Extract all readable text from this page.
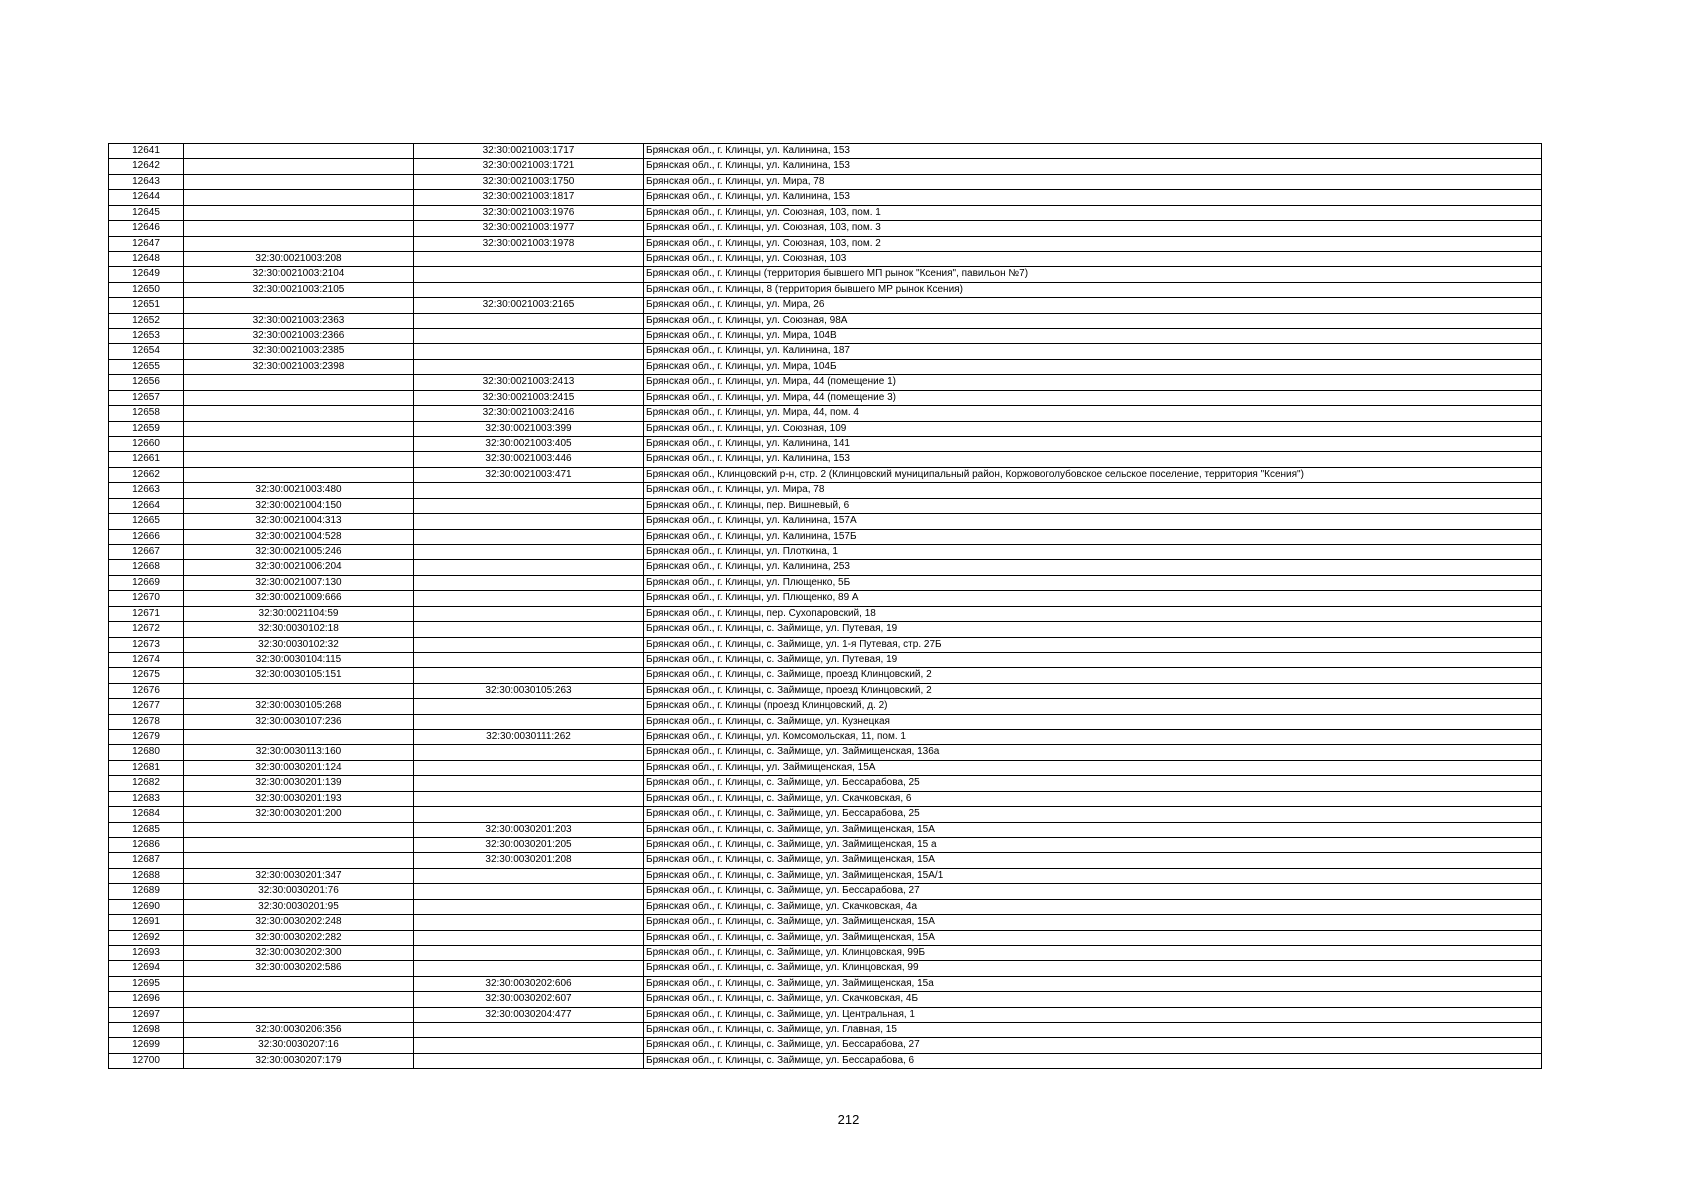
12641		32:30:0021003:1717	Брянская обл., г. Клинцы, ул. Калинина, 153
12642		32:30:0021003:1721	Брянская обл., г. Клинцы, ул. Калинина, 153
12643		32:30:0021003:1750	Брянская обл., г. Клинцы, ул. Мира, 78
12644		32:30:0021003:1817	Брянская обл., г. Клинцы, ул. Калинина, 153
12645		32:30:0021003:1976	Брянская обл., г. Клинцы, ул. Союзная, 103, пом. 1
12646		32:30:0021003:1977	Брянская обл., г. Клинцы, ул. Союзная, 103, пом. 3
12647		32:30:0021003:1978	Брянская обл., г. Клинцы, ул. Союзная, 103, пом. 2
12648	32:30:0021003:208		Брянская обл., г. Клинцы, ул. Союзная, 103
12649	32:30:0021003:2104		Брянская обл., г. Клинцы (территория бывшего МП рынок "Ксения", павильон №7)
12650	32:30:0021003:2105		Брянская обл., г. Клинцы, 8 (территория бывшего МР рынок Ксения)
12651		32:30:0021003:2165	Брянская обл., г. Клинцы, ул. Мира, 26
12652	32:30:0021003:2363		Брянская обл., г. Клинцы, ул. Союзная, 98А
12653	32:30:0021003:2366		Брянская обл., г. Клинцы, ул. Мира, 104В
12654	32:30:0021003:2385		Брянская обл., г. Клинцы, ул. Калинина, 187
12655	32:30:0021003:2398		Брянская обл., г. Клинцы, ул. Мира, 104Б
12656		32:30:0021003:2413	Брянская обл., г. Клинцы, ул. Мира, 44 (помещение 1)
12657		32:30:0021003:2415	Брянская обл., г. Клинцы, ул. Мира, 44 (помещение 3)
12658		32:30:0021003:2416	Брянская обл., г. Клинцы, ул. Мира, 44, пом. 4
12659		32:30:0021003:399	Брянская обл., г. Клинцы, ул. Союзная, 109
12660		32:30:0021003:405	Брянская обл., г. Клинцы, ул. Калинина, 141
12661		32:30:0021003:446	Брянская обл., г. Клинцы, ул. Калинина, 153
12662		32:30:0021003:471	Брянская обл., Клинцовский р-н, стр. 2 (Клинцовский муниципальный район, Коржовоголубовское сельское поселение, территория "Ксения")
12663	32:30:0021003:480		Брянская обл., г. Клинцы, ул. Мира, 78
12664	32:30:0021004:150		Брянская обл., г. Клинцы, пер. Вишневый, 6
12665	32:30:0021004:313		Брянская обл., г. Клинцы, ул. Калинина, 157А
12666	32:30:0021004:528		Брянская обл., г. Клинцы, ул. Калинина, 157Б
12667	32:30:0021005:246		Брянская обл., г. Клинцы, ул. Плоткина, 1
12668	32:30:0021006:204		Брянская обл., г. Клинцы, ул. Калинина, 253
12669	32:30:0021007:130		Брянская обл., г. Клинцы, ул. Плющенко, 5Б
12670	32:30:0021009:666		Брянская обл., г. Клинцы, ул. Плющенко, 89 А
12671	32:30:0021104:59		Брянская обл., г. Клинцы, пер. Сухопаровский, 18
12672	32:30:0030102:18		Брянская обл., г. Клинцы, с. Займище, ул. Путевая, 19
12673	32:30:0030102:32		Брянская обл., г. Клинцы, с. Займище, ул. 1-я Путевая, стр. 27Б
12674	32:30:0030104:115		Брянская обл., г. Клинцы, с. Займище, ул. Путевая, 19
12675	32:30:0030105:151		Брянская обл., г. Клинцы, с. Займище, проезд Клинцовский, 2
12676		32:30:0030105:263	Брянская обл., г. Клинцы, с. Займище, проезд Клинцовский, 2
12677	32:30:0030105:268		Брянская обл., г. Клинцы (проезд Клинцовский, д. 2)
12678	32:30:0030107:236		Брянская обл., г. Клинцы, с. Займище, ул. Кузнецкая
12679		32:30:0030111:262	Брянская обл., г. Клинцы, ул. Комсомольская, 11, пом. 1
12680	32:30:0030113:160		Брянская обл., г. Клинцы, с. Займище, ул. Займищенская, 136а
12681	32:30:0030201:124		Брянская обл., г. Клинцы, ул. Займищенская, 15А
12682	32:30:0030201:139		Брянская обл., г. Клинцы, с. Займище, ул. Бессарабова, 25
12683	32:30:0030201:193		Брянская обл., г. Клинцы, с. Займище, ул. Скачковская, 6
12684	32:30:0030201:200		Брянская обл., г. Клинцы, с. Займище, ул. Бессарабова, 25
12685		32:30:0030201:203	Брянская обл., г. Клинцы, с. Займище, ул. Займищенская, 15А
12686		32:30:0030201:205	Брянская обл., г. Клинцы, с. Займище, ул. Займищенская, 15 а
12687		32:30:0030201:208	Брянская обл., г. Клинцы, с. Займище, ул. Займищенская, 15А
12688	32:30:0030201:347		Брянская обл., г. Клинцы, с. Займище, ул. Займищенская, 15А/1
12689	32:30:0030201:76		Брянская обл., г. Клинцы, с. Займище, ул. Бессарабова, 27
12690	32:30:0030201:95		Брянская обл., г. Клинцы, с. Займище, ул. Скачковская, 4а
12691	32:30:0030202:248		Брянская обл., г. Клинцы, с. Займище, ул. Займищенская, 15А
12692	32:30:0030202:282		Брянская обл., г. Клинцы, с. Займище, ул. Займищенская, 15А
12693	32:30:0030202:300		Брянская обл., г. Клинцы, с. Займище, ул. Клинцовская, 99Б
12694	32:30:0030202:586		Брянская обл., г. Клинцы, с. Займище, ул. Клинцовская, 99
12695		32:30:0030202:606	Брянская обл., г. Клинцы, с. Займище, ул. Займищенская, 15а
12696		32:30:0030202:607	Брянская обл., г. Клинцы, с. Займище, ул. Скачковская, 4Б
12697		32:30:0030204:477	Брянская обл., г. Клинцы, с. Займище, ул. Центральная, 1
12698	32:30:0030206:356		Брянская обл., г. Клинцы, с. Займище, ул. Главная, 15
12699	32:30:0030207:16		Брянская обл., г. Клинцы, с. Займище, ул. Бессарабова, 27
12700	32:30:0030207:179		Брянская обл., г. Клинцы, с. Займище, ул. Бессарабова, 6
212
